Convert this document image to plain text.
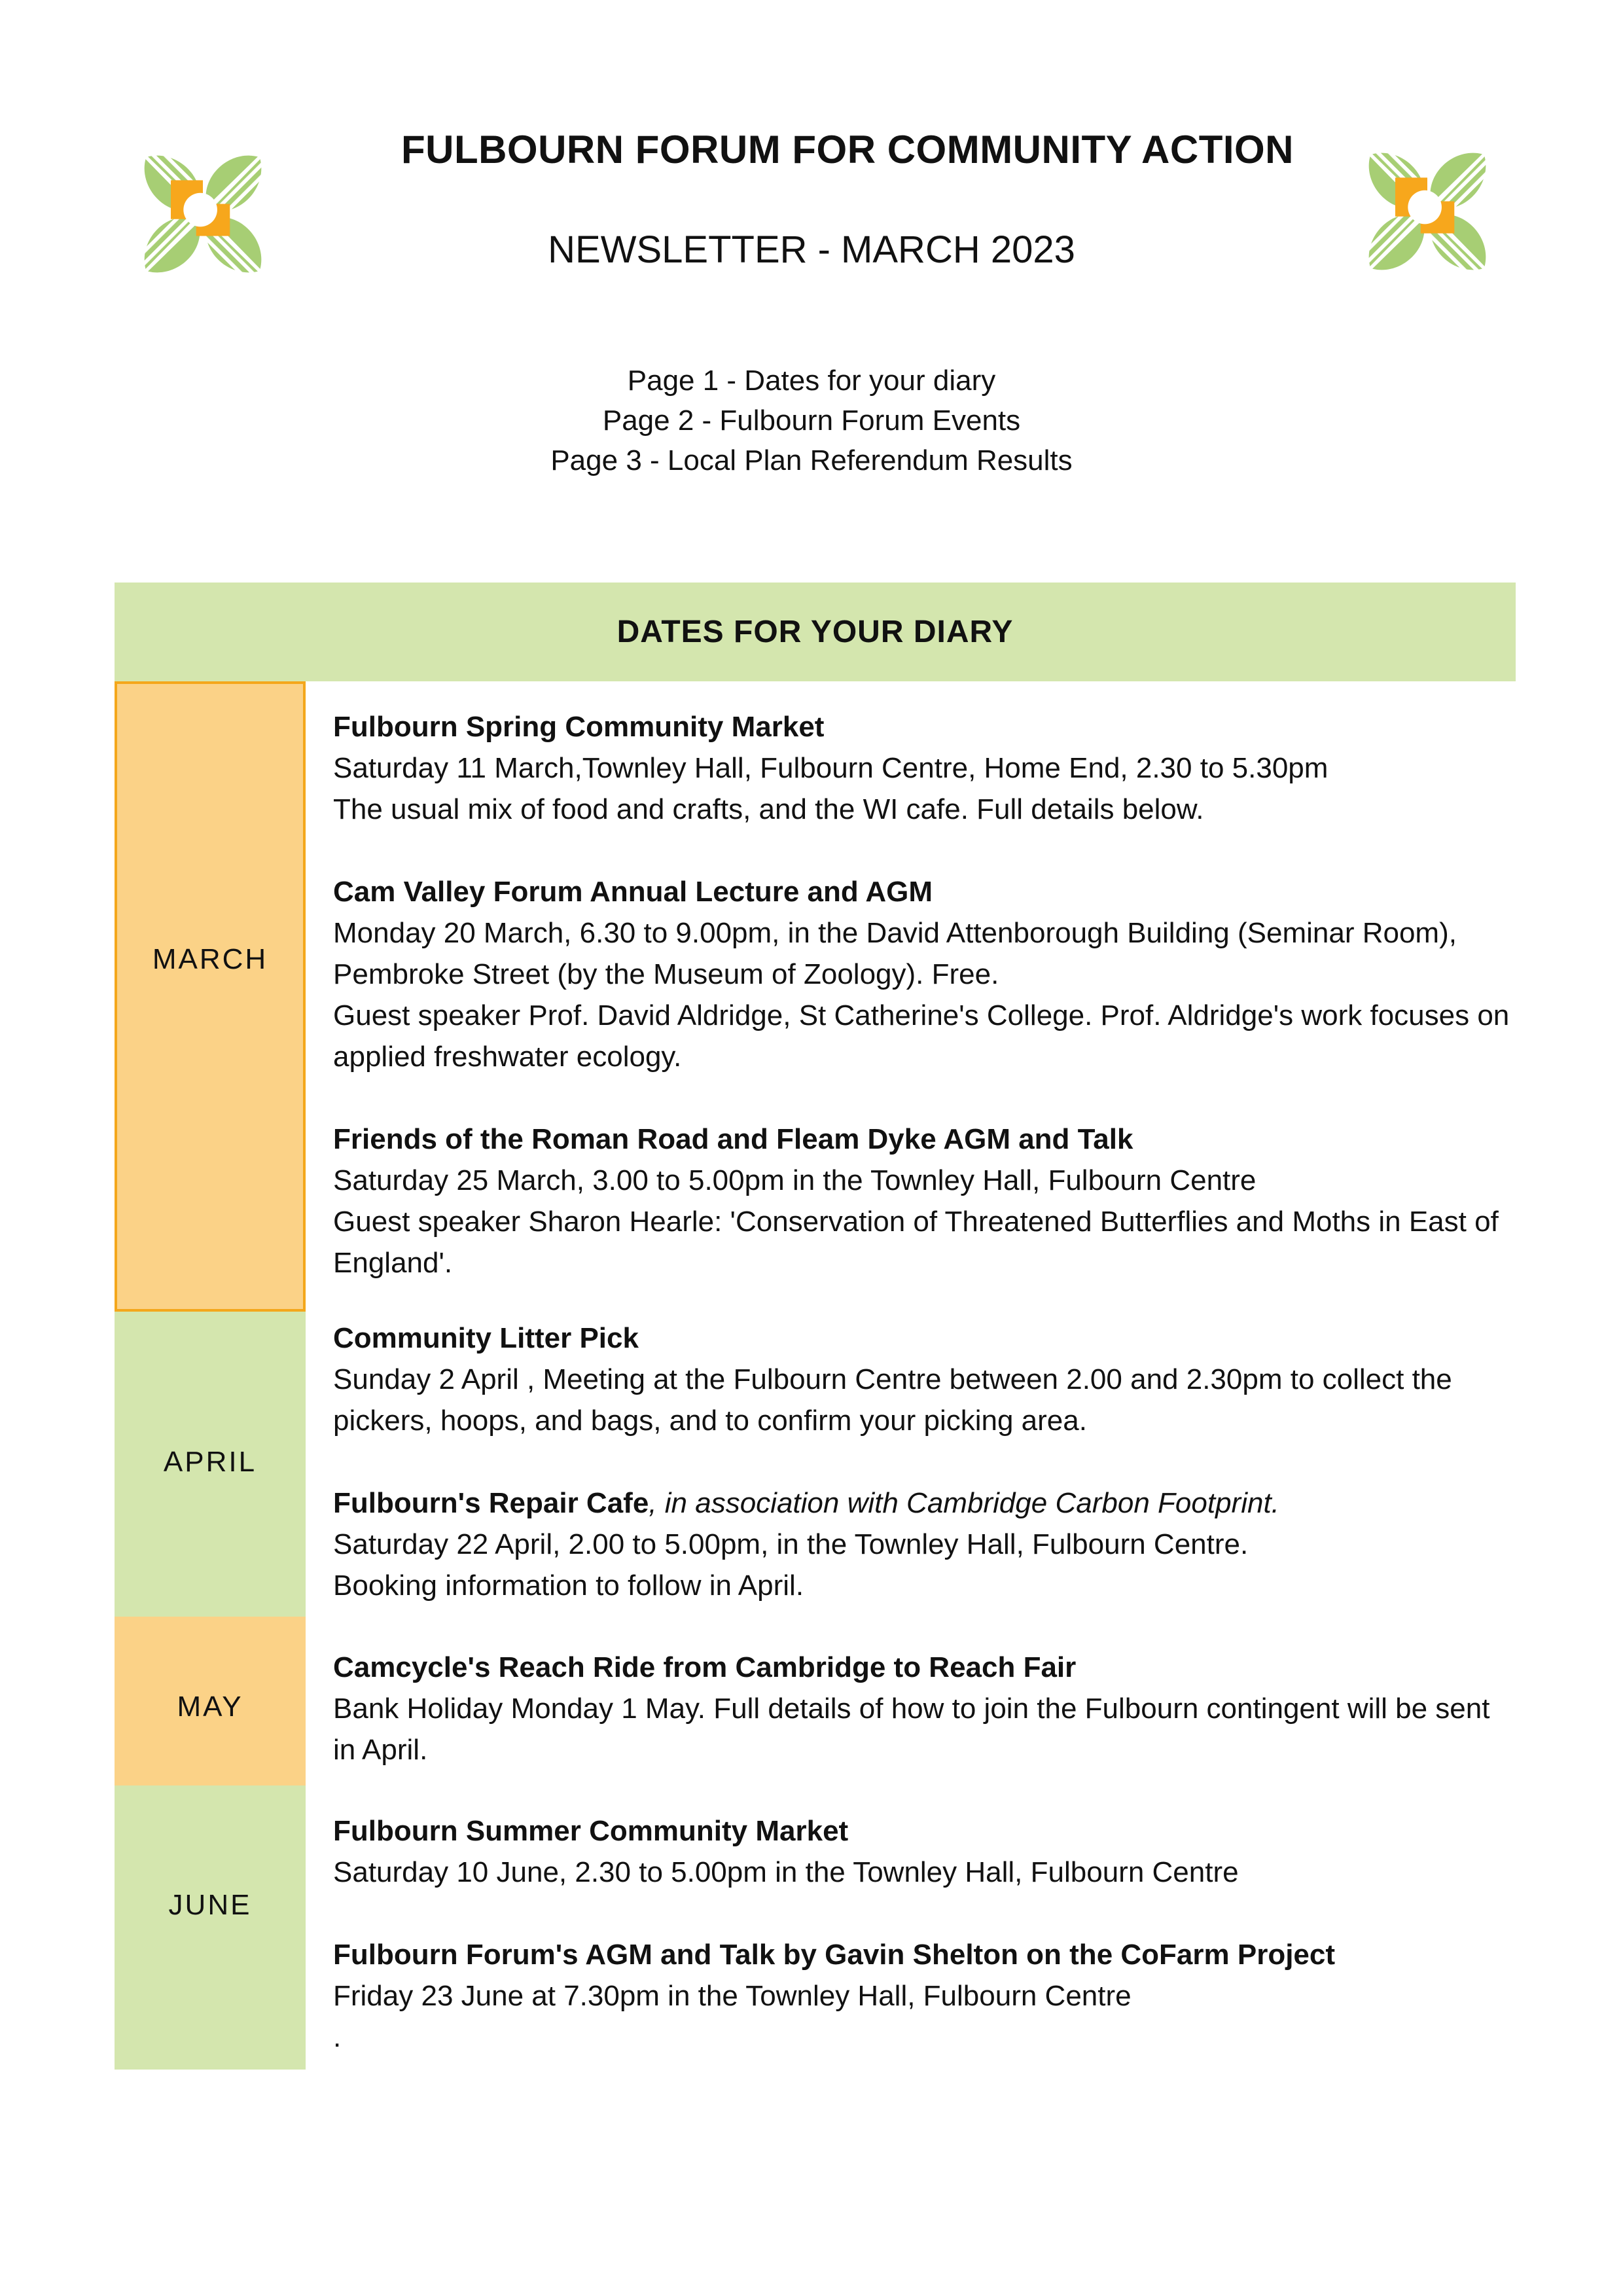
FULBOURN FORUM FOR COMMUNITY ACTION
NEWSLETTER - MARCH 2023
Page 1 - Dates for your diary
Page 2 - Fulbourn Forum Events
Page 3 - Local Plan Referendum Results
DATES FOR YOUR DIARY
MARCH

Fulbourn Spring Community Market

Saturday 11 March,Townley Hall, Fulbourn Centre, Home End, 2.30 to 5.30pm

The usual mix of food and crafts, and the WI cafe. Full details below.

Cam Valley Forum Annual Lecture and AGM

Monday 20 March, 6.30 to 9.00pm, in the David Attenborough Building (Seminar Room), Pembroke Street (by the Museum of Zoology). Free.

Guest speaker Prof. David Aldridge, St Catherine's College. Prof. Aldridge's work focuses on applied freshwater ecology.

Friends of the Roman Road and Fleam Dyke AGM and Talk

Saturday 25 March, 3.00 to 5.00pm in the Townley Hall, Fulbourn Centre

Guest speaker Sharon Hearle: 'Conservation of Threatened Butterflies and Moths in East of England'.

APRIL

Community Litter Pick

Sunday 2 April , Meeting at the Fulbourn Centre between 2.00 and 2.30pm to collect the pickers, hoops, and bags, and to confirm your picking area.

Fulbourn's Repair Cafe, in association with Cambridge Carbon Footprint.

Saturday 22 April, 2.00 to 5.00pm, in the Townley Hall, Fulbourn Centre.

Booking information to follow in April.

MAY

Camcycle's Reach Ride from Cambridge to Reach Fair

Bank Holiday Monday 1 May. Full details of how to join the Fulbourn contingent will be sent in April.

JUNE

Fulbourn Summer Community Market

Saturday 10 June, 2.30 to 5.00pm in the Townley Hall, Fulbourn Centre

Fulbourn Forum's AGM and Talk by Gavin Shelton on the CoFarm Project

Friday 23 June at 7.30pm in the Townley Hall, Fulbourn Centre

.
